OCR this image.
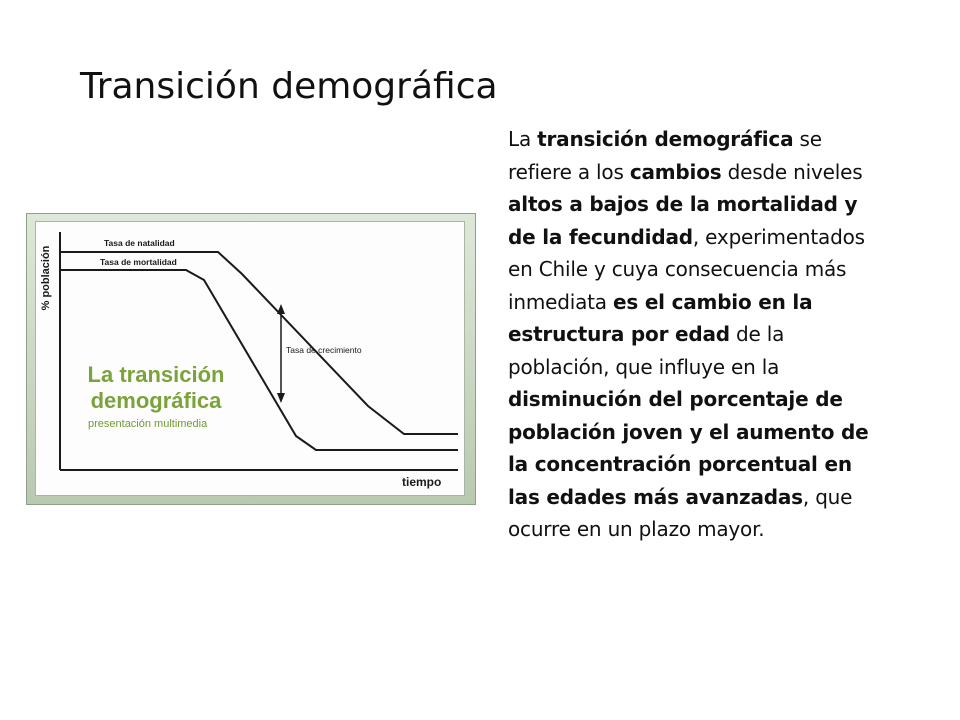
Transición demográfica
La transición demográfica se
refiere a los cambios desde niveles
altos a bajos de la mortalidad y
de la fecundidad, experimentados
en Chile y cuya consecuencia más
inmediata es el cambio en la
estructura por edad de la
población, que influye en la
disminución del porcentaje de
población joven y el aumento de
la concentración porcentual en
las edades más avanzadas, que
ocurre en un plazo mayor.
% población
Tasa de natalidad
Tasa de mortalidad
Tasa de crecimiento
tiempo
La transición
demográfica
presentación multimedia
